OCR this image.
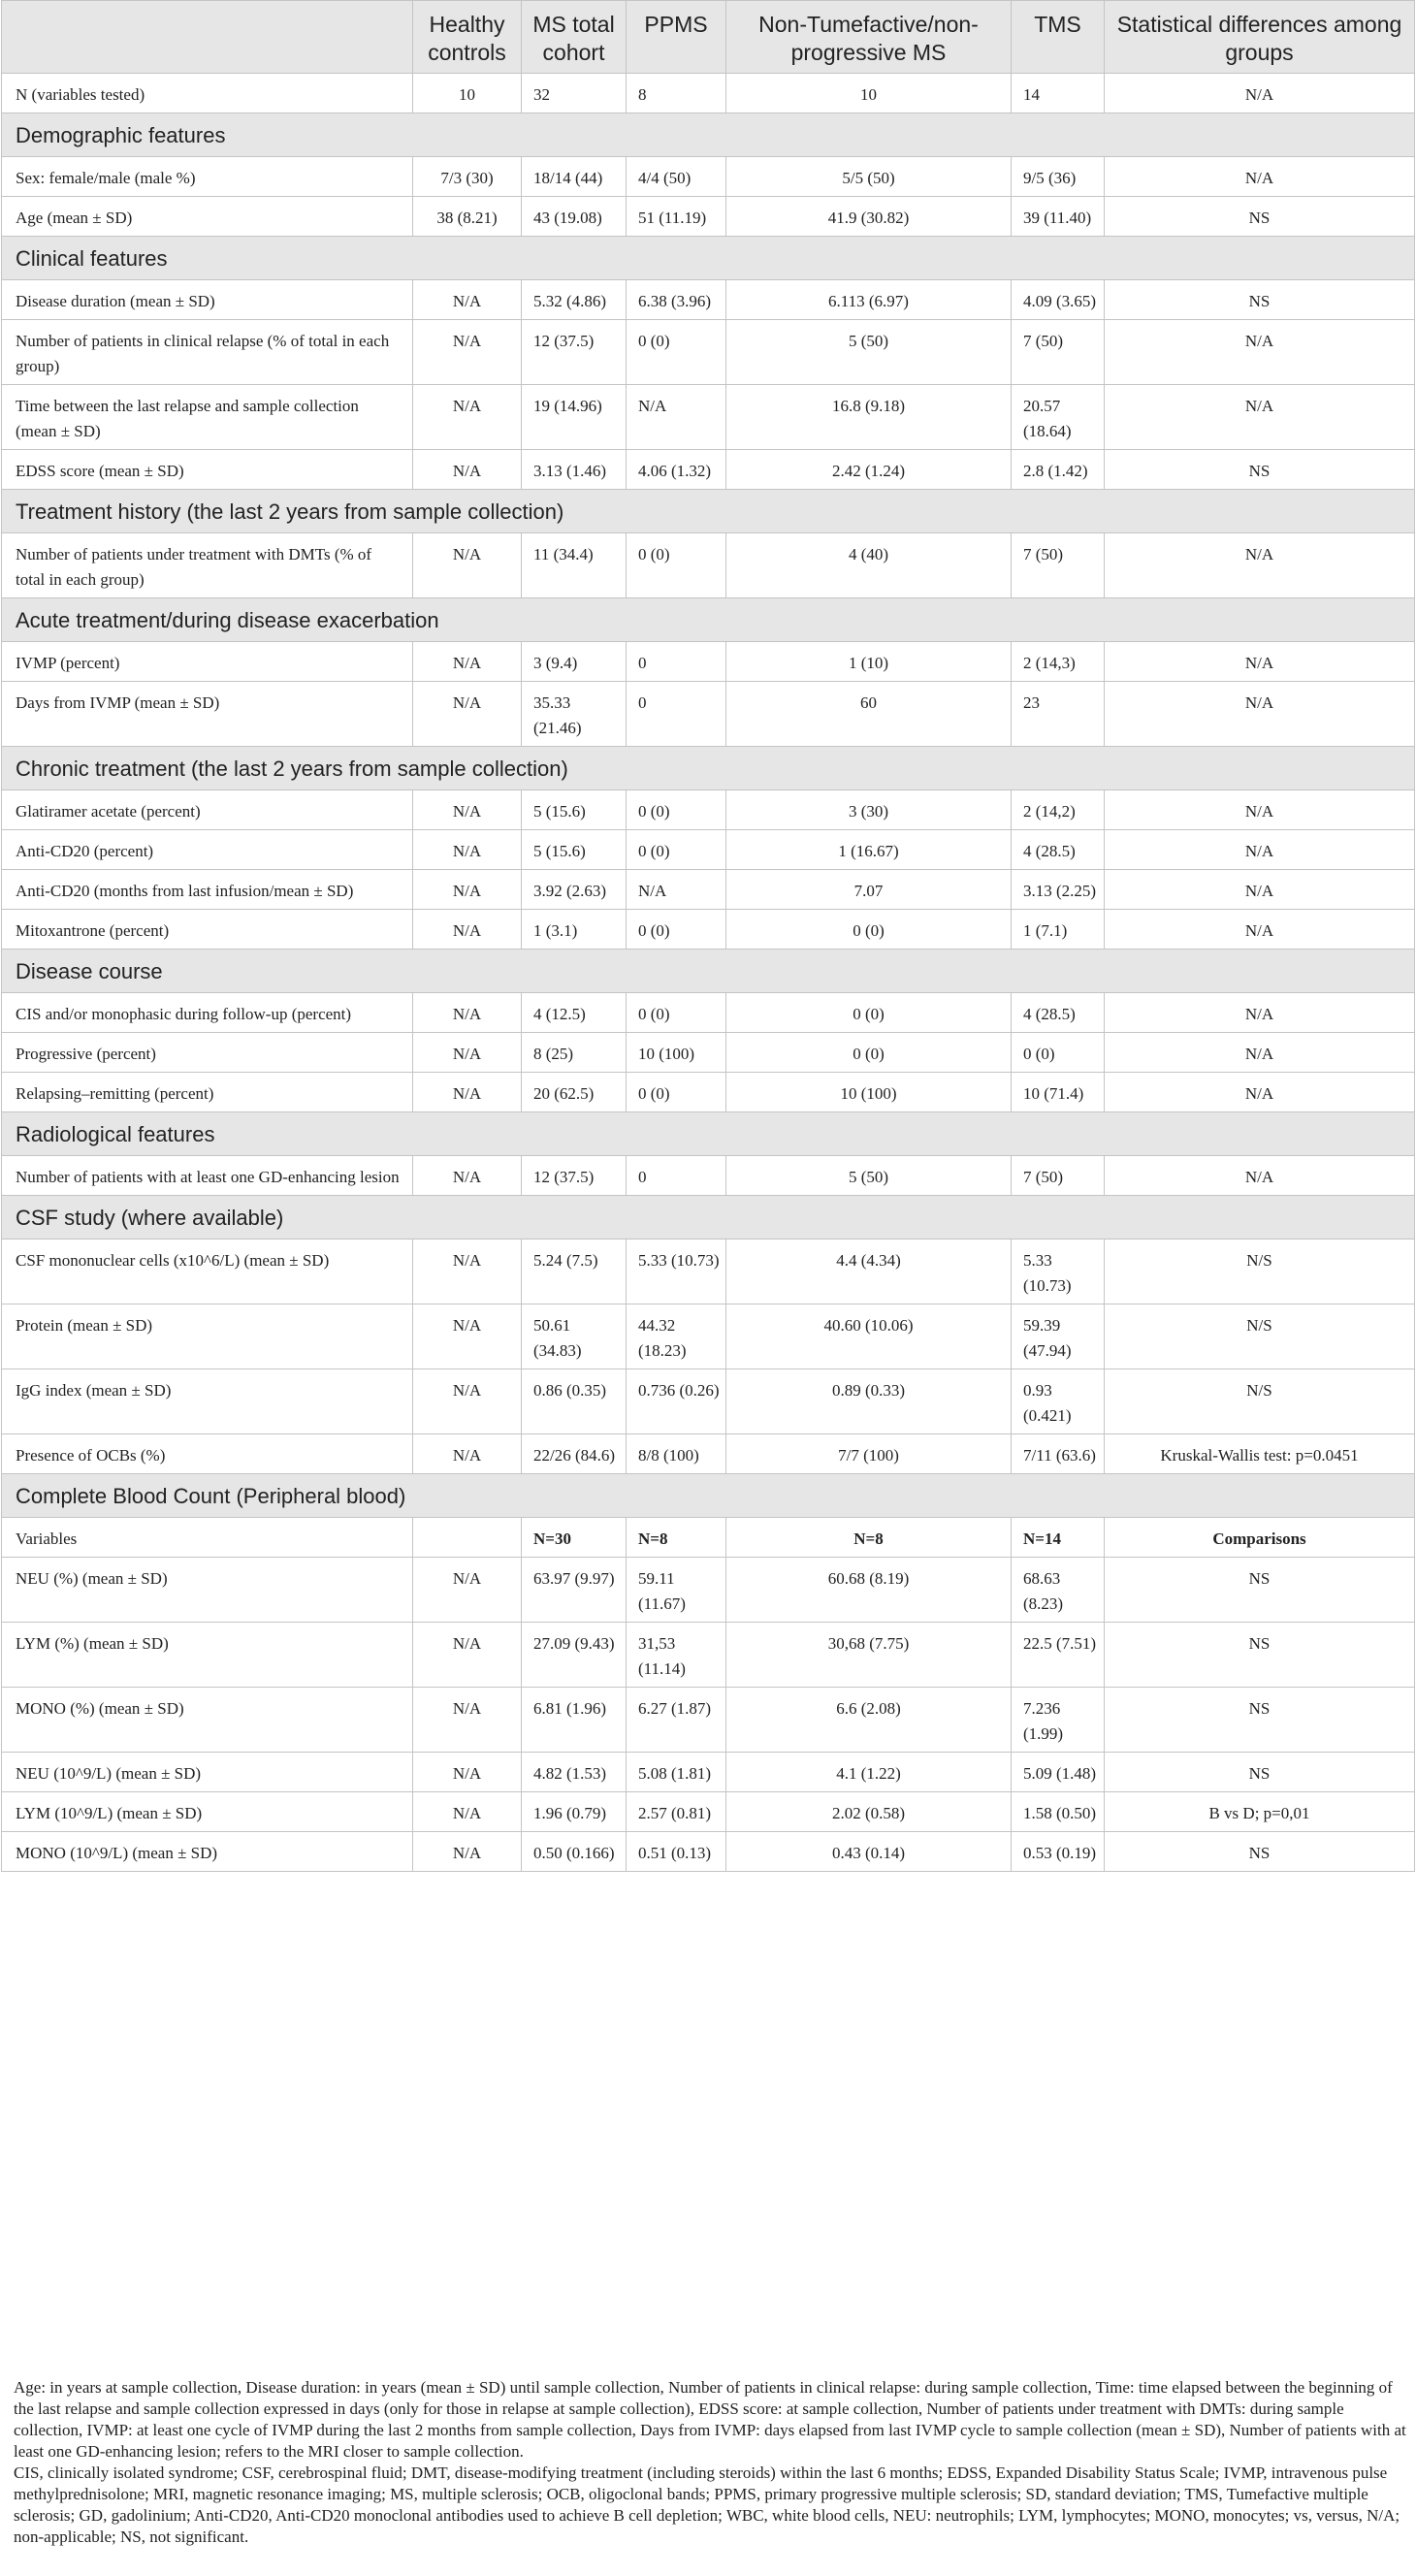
	Healthy controls	MS total cohort	PPMS	Non-Tumefactive/non-progressive MS	TMS	Statistical differences among groups
N (variables tested)	10	32	8	10	14	N/A
Demographic features						
Sex: female/male (male %)	7/3 (30)	18/14 (44)	4/4 (50)	5/5 (50)	9/5 (36)	N/A
Age (mean ± SD)	38 (8.21)	43 (19.08)	51 (11.19)	41.9 (30.82)	39 (11.40)	NS
Clinical features						
Disease duration (mean ± SD)	N/A	5.32 (4.86)	6.38 (3.96)	6.113 (6.97)	4.09 (3.65)	NS
Number of patients in clinical relapse (% of total in each group)	N/A	12 (37.5)	0 (0)	5 (50)	7 (50)	N/A
Time between the last relapse and sample collection (mean ± SD)	N/A	19 (14.96)	N/A	16.8 (9.18)	20.57 (18.64)	N/A
EDSS score (mean ± SD)	N/A	3.13 (1.46)	4.06 (1.32)	2.42 (1.24)	2.8 (1.42)	NS
Treatment history (the last 2 years from sample collection)						
Number of patients under treatment with DMTs (% of total in each group)	N/A	11 (34.4)	0 (0)	4 (40)	7 (50)	N/A
Acute treatment/during disease exacerbation						
IVMP (percent)	N/A	3 (9.4)	0	1 (10)	2 (14,3)	N/A
Days from IVMP (mean ± SD)	N/A	35.33 (21.46)	0	60	23	N/A
Chronic treatment (the last 2 years from sample collection)						
Glatiramer acetate (percent)	N/A	5 (15.6)	0 (0)	3 (30)	2 (14,2)	N/A
Anti-CD20 (percent)	N/A	5 (15.6)	0 (0)	1 (16.67)	4 (28.5)	N/A
Anti-CD20 (months from last infusion/mean ± SD)	N/A	3.92 (2.63)	N/A	7.07	3.13 (2.25)	N/A
Mitoxantrone (percent)	N/A	1 (3.1)	0 (0)	0 (0)	1 (7.1)	N/A
Disease course						
CIS and/or monophasic during follow-up (percent)	N/A	4 (12.5)	0 (0)	0 (0)	4 (28.5)	N/A
Progressive (percent)	N/A	8 (25)	10 (100)	0 (0)	0 (0)	N/A
Relapsing–remitting (percent)	N/A	20 (62.5)	0 (0)	10 (100)	10 (71.4)	N/A
Radiological features						
Number of patients with at least one GD-enhancing lesion	N/A	12 (37.5)	0	5 (50)	7 (50)	N/A
CSF study (where available)						
CSF mononuclear cells (x10^6/L) (mean ± SD)	N/A	5.24 (7.5)	5.33 (10.73)	4.4 (4.34)	5.33 (10.73)	N/S
Protein (mean ± SD)	N/A	50.61 (34.83)	44.32 (18.23)	40.60 (10.06)	59.39 (47.94)	N/S
IgG index (mean ± SD)	N/A	0.86 (0.35)	0.736 (0.26)	0.89 (0.33)	0.93 (0.421)	N/S
Presence of OCBs (%)	N/A	22/26 (84.6)	8/8 (100)	7/7 (100)	7/11 (63.6)	Kruskal-Wallis test: p=0.0451
Complete Blood Count (Peripheral blood)						
Variables		N=30	N=8	N=8	N=14	Comparisons
NEU (%) (mean ± SD)	N/A	63.97 (9.97)	59.11 (11.67)	60.68 (8.19)	68.63 (8.23)	NS
LYM (%) (mean ± SD)	N/A	27.09 (9.43)	31,53 (11.14)	30,68 (7.75)	22.5 (7.51)	NS
MONO (%) (mean ± SD)	N/A	6.81 (1.96)	6.27 (1.87)	6.6 (2.08)	7.236 (1.99)	NS
NEU (10^9/L) (mean ± SD)	N/A	4.82 (1.53)	5.08 (1.81)	4.1 (1.22)	5.09 (1.48)	NS
LYM (10^9/L) (mean ± SD)	N/A	1.96 (0.79)	2.57 (0.81)	2.02 (0.58)	1.58 (0.50)	B vs D; p=0,01
MONO (10^9/L) (mean ± SD)	N/A	0.50 (0.166)	0.51 (0.13)	0.43 (0.14)	0.53 (0.19)	NS

Age: in years at sample collection, Disease duration: in years (mean ± SD) until sample collection, Number of patients in clinical relapse: during sample collection, Time: time elapsed between the beginning of the last relapse and sample collection expressed in days (only for those in relapse at sample collection), EDSS score: at sample collection, Number of patients under treatment with DMTs: during sample collection, IVMP: at least one cycle of IVMP during the last 2 months from sample collection, Days from IVMP: days elapsed from last IVMP cycle to sample collection (mean ± SD), Number of patients with at least one GD-enhancing lesion; refers to the MRI closer to sample collection.

CIS, clinically isolated syndrome; CSF, cerebrospinal fluid; DMT, disease-modifying treatment (including steroids) within the last 6 months; EDSS, Expanded Disability Status Scale; IVMP, intravenous pulse methylprednisolone; MRI, magnetic resonance imaging; MS, multiple sclerosis; OCB, oligoclonal bands; PPMS, primary progressive multiple sclerosis; SD, standard deviation; TMS, Tumefactive multiple sclerosis; GD, gadolinium; Anti-CD20, Anti-CD20 monoclonal antibodies used to achieve B cell depletion; WBC, white blood cells, NEU: neutrophils; LYM, lymphocytes; MONO, monocytes; vs, versus, N/A; non-applicable; NS, not significant.
